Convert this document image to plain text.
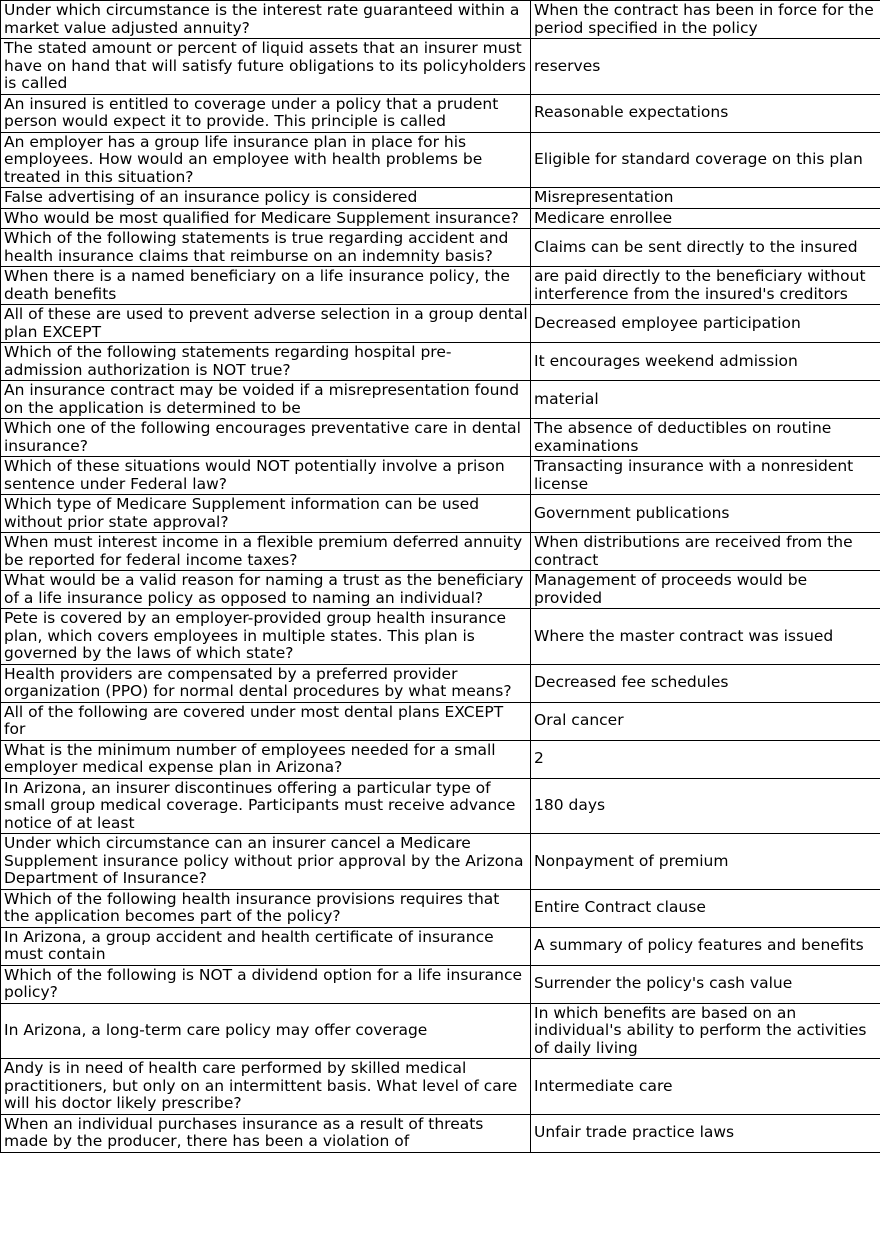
Under which circumstance is the interest rate guaranteed within a market value adjusted annuity?	When the contract has been in force for the period specified in the policy
The stated amount or percent of liquid assets that an insurer must have on hand that will satisfy future obligations to its policyholders is called	reserves
An insured is entitled to coverage under a policy that a prudent person would expect it to provide. This principle is called	Reasonable expectations
An employer has a group life insurance plan in place for his employees. How would an employee with health problems be treated in this situation?	Eligible for standard coverage on this plan
False advertising of an insurance policy is considered	Misrepresentation
Who would be most qualified for Medicare Supplement insurance?	Medicare enrollee
Which of the following statements is true regarding accident and health insurance claims that reimburse on an indemnity basis?	Claims can be sent directly to the insured
When there is a named beneficiary on a life insurance policy, the death benefits	are paid directly to the beneficiary without interference from the insured's creditors
All of these are used to prevent adverse selection in a group dental plan EXCEPT	Decreased employee participation
Which of the following statements regarding hospital pre-admission authorization is NOT true?	It encourages weekend admission
An insurance contract may be voided if a misrepresentation found on the application is determined to be	material
Which one of the following encourages preventative care in dental insurance?	The absence of deductibles on routine examinations
Which of these situations would NOT potentially involve a prison sentence under Federal law?	Transacting insurance with a nonresident license
Which type of Medicare Supplement information can be used without prior state approval?	Government publications
When must interest income in a flexible premium deferred annuity be reported for federal income taxes?	When distributions are received from the contract
What would be a valid reason for naming a trust as the beneficiary of a life insurance policy as opposed to naming an individual?	Management of proceeds would be provided
Pete is covered by an employer-provided group health insurance plan, which covers employees in multiple states. This plan is governed by the laws of which state?	Where the master contract was issued
Health providers are compensated by a preferred provider organization (PPO) for normal dental procedures by what means?	Decreased fee schedules
All of the following are covered under most dental plans EXCEPT for	Oral cancer
What is the minimum number of employees needed for a small employer medical expense plan in Arizona?	2
In Arizona, an insurer discontinues offering a particular type of small group medical coverage. Participants must receive advance notice of at least	180 days
Under which circumstance can an insurer cancel a Medicare Supplement insurance policy without prior approval by the Arizona Department of Insurance?	Nonpayment of premium
Which of the following health insurance provisions requires that the application becomes part of the policy?	Entire Contract clause
In Arizona, a group accident and health certificate of insurance must contain	A summary of policy features and benefits
Which of the following is NOT a dividend option for a life insurance policy?	Surrender the policy's cash value
In Arizona, a long-term care policy may offer coverage	In which benefits are based on an individual's ability to perform the activities of daily living
Andy is in need of health care performed by skilled medical practitioners, but only on an intermittent basis. What level of care will his doctor likely prescribe?	Intermediate care
When an individual purchases insurance as a result of threats made by the producer, there has been a violation of	Unfair trade practice laws
